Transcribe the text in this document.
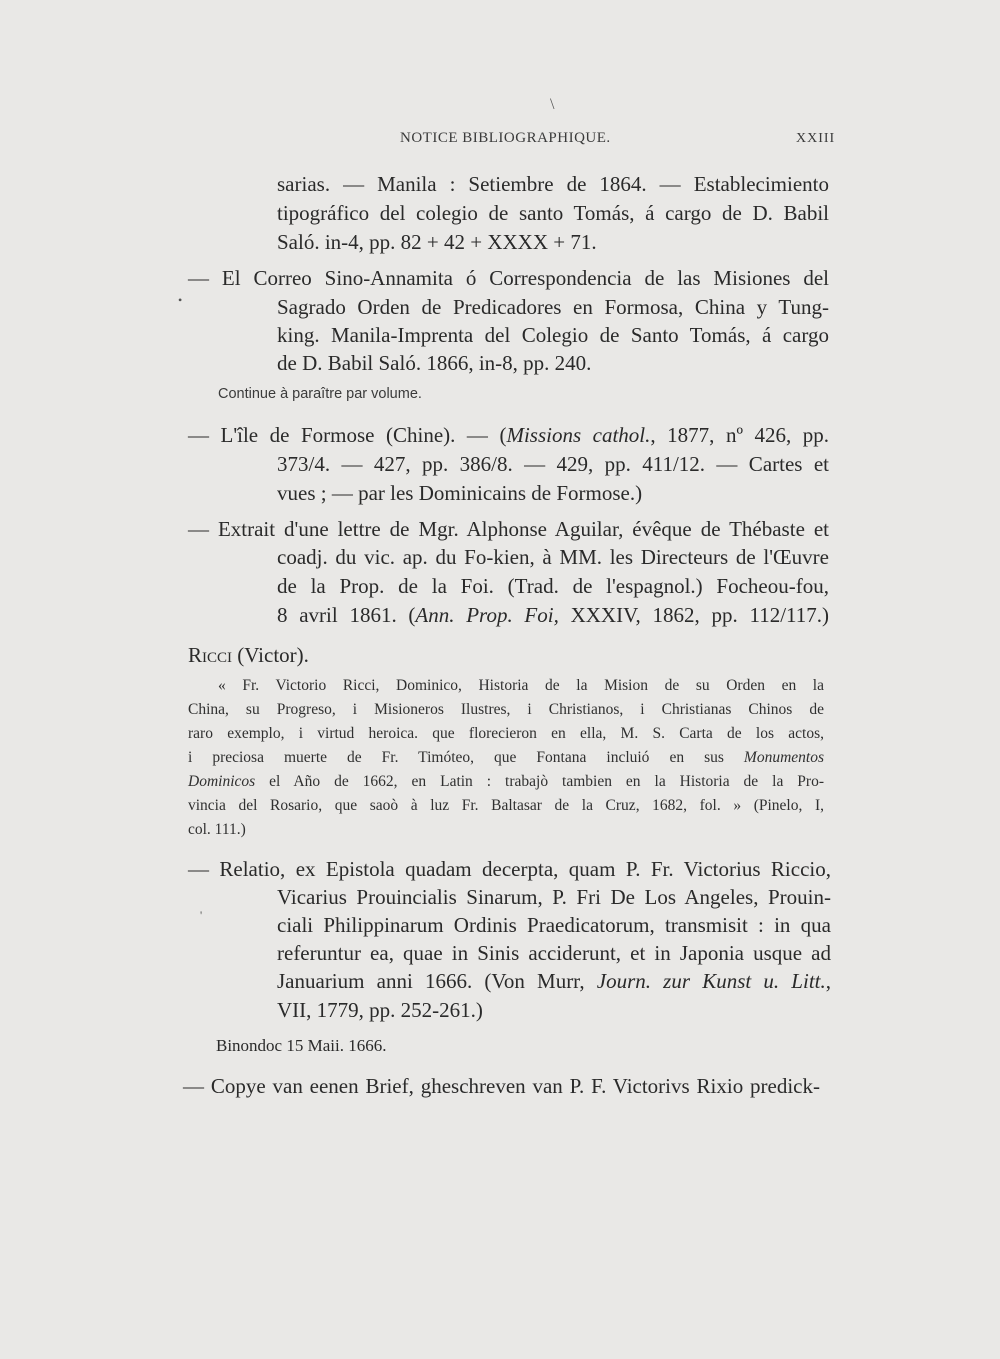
\
•
'
NOTICE BIBLIOGRAPHIQUE.	XXIII
sarias. — Manila : Setiembre de 1864. — Establecimiento
tipográfico del colegio de santo Tomás, á cargo de D. Babil
Saló. in-4, pp. 82 + 42 + XXXX + 71.
— El Correo Sino-Annamita ó Correspondencia de las Misiones del
Sagrado Orden de Predicadores en Formosa, China y Tung-
king. Manila-Imprenta del Colegio de Santo Tomás, á cargo
de D. Babil Saló. 1866, in-8, pp. 240.
Continue à paraître par volume.
— L'île de Formose (Chine). — (Missions cathol., 1877, nº 426, pp.
373/4. — 427, pp. 386/8. — 429, pp. 411/12. — Cartes et
vues ; — par les Dominicains de Formose.)
— Extrait d'une lettre de Mgr. Alphonse Aguilar, évêque de Thébaste et
coadj. du vic. ap. du Fo-kien, à MM. les Directeurs de l'Œuvre
de la Prop. de la Foi. (Trad. de l'espagnol.) Focheou-fou,
8 avril 1861. (Ann. Prop. Foi, XXXIV, 1862, pp. 112/117.)
Ricci (Victor).
« Fr. Victorio Ricci, Dominico, Historia de la Mision de su Orden en la
China, su Progreso, i Misioneros Ilustres, i Christianos, i Christianas Chinos de
raro exemplo, i virtud heroica. que florecieron en ella, M. S. Carta de los actos,
i preciosa muerte de Fr. Timóteo, que Fontana incluió en sus Monumentos
Dominicos el Año de 1662, en Latin : trabajò tambien en la Historia de la Pro-
vincia del Rosario, que saoò à luz Fr. Baltasar de la Cruz, 1682, fol. » (Pinelo, I,
col. 111.)
— Relatio, ex Epistola quadam decerpta, quam P. Fr. Victorius Riccio,
Vicarius Prouincialis Sinarum, P. Fri De Los Angeles, Prouin-
ciali Philippinarum Ordinis Praedicatorum, transmisit : in qua
referuntur ea, quae in Sinis acciderunt, et in Japonia usque ad
Januarium anni 1666. (Von Murr, Journ. zur Kunst u. Litt.,
VII, 1779, pp. 252-261.)
Binondoc 15 Maii. 1666.
— Copye van eenen Brief, gheschreven van P. F. Victorivs Rixio predick-
